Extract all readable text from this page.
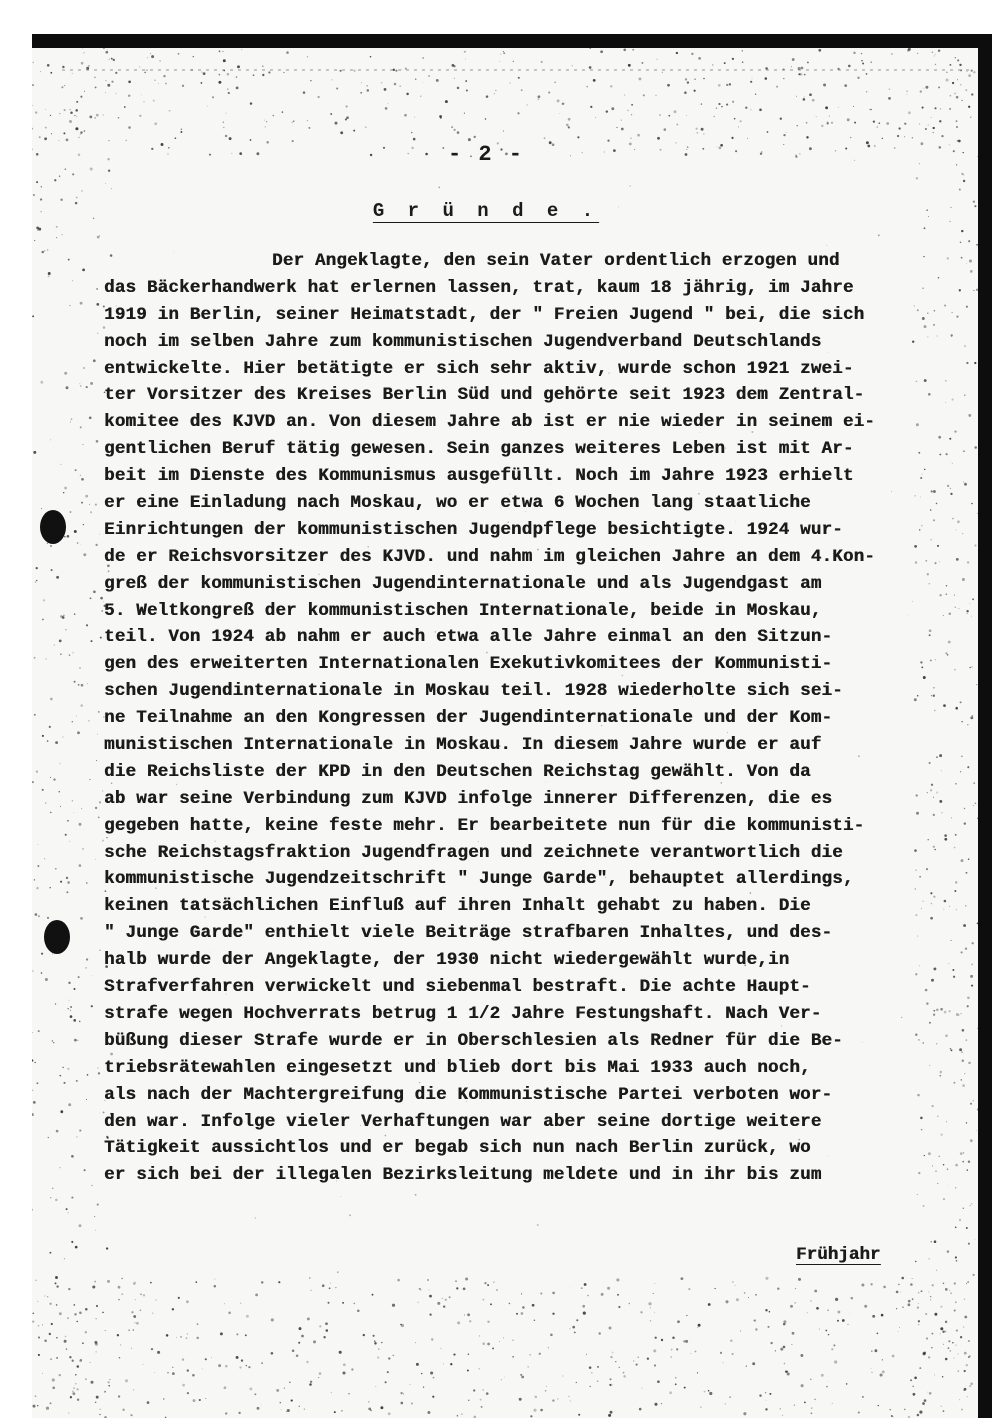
- 2 -
G r ü n d e .
Der Angeklagte, den sein Vater ordentlich erzogen und
das Bäckerhandwerk hat erlernen lassen, trat, kaum 18 jährig, im Jahre
1919 in Berlin, seiner Heimatstadt, der " Freien Jugend " bei, die sich
noch im selben Jahre zum kommunistischen Jugendverband Deutschlands
entwickelte. Hier betätigte er sich sehr aktiv, wurde schon 1921 zwei-
ter Vorsitzer des Kreises Berlin Süd und gehörte seit 1923 dem Zentral-
komitee des KJVD an. Von diesem Jahre ab ist er nie wieder in seinem ei-
gentlichen Beruf tätig gewesen. Sein ganzes weiteres Leben ist mit Ar-
beit im Dienste des Kommunismus ausgefüllt. Noch im Jahre 1923 erhielt
er eine Einladung nach Moskau, wo er etwa 6 Wochen lang staatliche
Einrichtungen der kommunistischen Jugendpflege besichtigte. 1924 wur-
de er Reichsvorsitzer des KJVD. und nahm im gleichen Jahre an dem 4.Kon-
greß der kommunistischen Jugendinternationale und als Jugendgast am
5. Weltkongreß der kommunistischen Internationale, beide in Moskau,
teil. Von 1924 ab nahm er auch etwa alle Jahre einmal an den Sitzun-
gen des erweiterten Internationalen Exekutivkomitees der Kommunisti-
schen Jugendinternationale in Moskau teil. 1928 wiederholte sich sei-
ne Teilnahme an den Kongressen der Jugendinternationale und der Kom-
munistischen Internationale in Moskau. In diesem Jahre wurde er auf
die Reichsliste der KPD in den Deutschen Reichstag gewählt. Von da
ab war seine Verbindung zum KJVD infolge innerer Differenzen, die es
gegeben hatte, keine feste mehr. Er bearbeitete nun für die kommunisti-
sche Reichstagsfraktion Jugendfragen und zeichnete verantwortlich die
kommunistische Jugendzeitschrift " Junge Garde", behauptet allerdings,
keinen tatsächlichen Einfluß auf ihren Inhalt gehabt zu haben. Die
" Junge Garde" enthielt viele Beiträge strafbaren Inhaltes, und des-
halb wurde der Angeklagte, der 1930 nicht wiedergewählt wurde,in
Strafverfahren verwickelt und siebenmal bestraft. Die achte Haupt-
strafe wegen Hochverrats betrug 1 1/2 Jahre Festungshaft. Nach Ver-
büßung dieser Strafe wurde er in Oberschlesien als Redner für die Be-
triebsrätewahlen eingesetzt und blieb dort bis Mai 1933 auch noch,
als nach der Machtergreifung die Kommunistische Partei verboten wor-
den war. Infolge vieler Verhaftungen war aber seine dortige weitere
Tätigkeit aussichtlos und er begab sich nun nach Berlin zurück, wo
er sich bei der illegalen Bezirksleitung meldete und in ihr bis zum
Frühjahr
